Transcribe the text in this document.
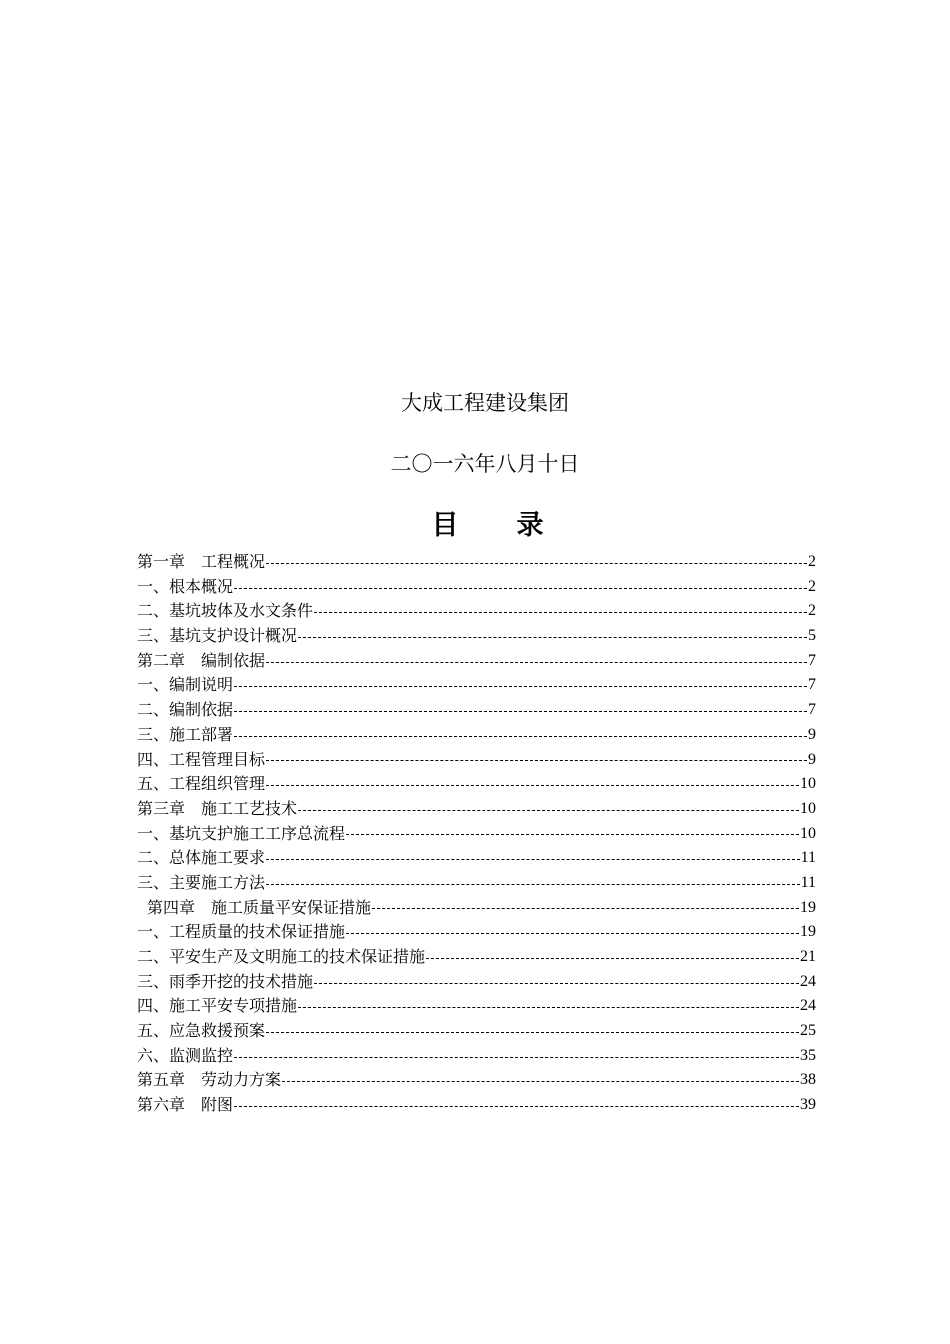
大成工程建设集团
二〇一六年八月十日
目 录
第一章　工程概况	2
一、根本概况	2
二、基坑坡体及水文条件	2
三、基坑支护设计概况	5
第二章　编制依据	7
一、编制说明	7
二、编制依据	7
三、施工部署	9
四、工程管理目标	9
五、工程组织管理	10
第三章　施工工艺技术	10
一、基坑支护施工工序总流程	10
二、总体施工要求	11
三、主要施工方法	11
第四章　施工质量平安保证措施	19
一、工程质量的技术保证措施	19
二、平安生产及文明施工的技术保证措施	21
三、雨季开挖的技术措施	24
四、施工平安专项措施	24
五、应急救援预案	25
六、监测监控	35
第五章　劳动力方案	38
第六章　附图	39
